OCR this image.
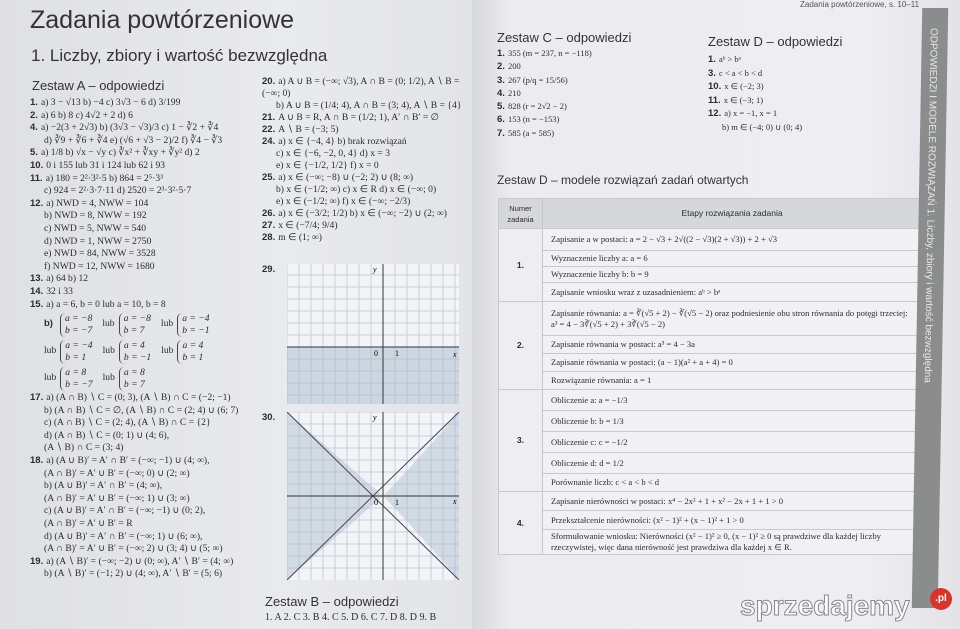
Zadania powtórzeniowe
1. Liczby, zbiory i wartość bezwzględna
Zestaw A – odpowiedzi
1. a) 3 − √13 b) −4 c) 3√3 − 6 d) 3/199
2. a) 6 b) 8 c) 4√2 + 2 d) 6
4. a) −2(3 + 2√3) b) (3√3 − √3)/3 c) 1 − ∛2 + ∛4
d) ∛9 + ∛6 + ∛4 e) (√6 + √3 − 2)/2 f) ∛4 − ∛3
5. a) 1/8 b) √x − √y c) ∛x² + ∛xy + ∛y² d) 2
10. 0 i 155 lub 31 i 124 lub 62 i 93
11. a) 180 = 2²·3²·5 b) 864 = 2⁵·3³
c) 924 = 2²·3·7·11 d) 2520 = 2³·3²·5·7
12. a) NWD = 4, NWW = 104
b) NWD = 8, NWW = 192
c) NWD = 5, NWW = 540
d) NWD = 1, NWW = 2750
e) NWD = 84, NWW = 3528
f) NWD = 12, NWW = 1680
13. a) 64 b) 12
14. 32 i 33
15. a) a = 6, b = 0 lub a = 10, b = 8
b)
a = −8
b = −7
lub
a = −8
b = 7
lub
a = −4
b = −1
lub
a = −4
b = 1
lub
a = 4
b = −1
lub
a = 4
b = 1
lub
a = 8
b = −7
lub
a = 8
b = 7
17. a) (A ∩ B) ∖ C = (0; 3), (A ∖ B) ∩ C = (−2; −1)
b) (A ∩ B) ∖ C = ∅, (A ∖ B) ∩ C = (2; 4) ∪ (6; 7)
c) (A ∩ B) ∖ C = (2; 4), (A ∖ B) ∩ C = {2}
d) (A ∩ B) ∖ C = (0; 1) ∪ (4; 6),
(A ∖ B) ∩ C = (3; 4)
18. a) (A ∪ B)′ = A′ ∩ B′ = (−∞; −1) ∪ (4; ∞),
(A ∩ B)′ = A′ ∪ B′ = (−∞; 0) ∪ (2; ∞)
b) (A ∪ B)′ = A′ ∩ B′ = (4; ∞),
(A ∩ B)′ = A′ ∪ B′ = (−∞; 1) ∪ (3; ∞)
c) (A ∪ B)′ = A′ ∩ B′ = (−∞; −1) ∪ (0; 2),
(A ∩ B)′ = A′ ∪ B′ = R
d) (A ∪ B)′ = A′ ∩ B′ = (−∞; 1) ∪ (6; ∞),
(A ∩ B)′ = A′ ∪ B′ = (−∞; 2) ∪ (3; 4) ∪ (5; ∞)
19. a) (A ∖ B)′ = (−∞; −2) ∪ (0; ∞), A′ ∖ B′ = (4; ∞)
b) (A ∖ B)′ = (−1; 2) ∪ (4; ∞), A′ ∖ B′ = (5; 6)
20. a) A ∪ B = (−∞; √3), A ∩ B = (0; 1/2), A ∖ B = (−∞; 0)
b) A ∪ B = (1/4; 4), A ∩ B = (3; 4), A ∖ B = {4}
21. A ∪ B = R, A ∩ B = (1/2; 1), A′ ∩ B′ = ∅
22. A ∖ B = (−3; 5)
24. a) x ∈ {−4, 4} b) brak rozwiązań
c) x ∈ {−6, −2, 0, 4} d) x = 3
e) x ∈ {−1/2, 1/2} f) x = 0
25. a) x ∈ (−∞; −8) ∪ (−2; 2) ∪ (8; ∞)
b) x ∈ (−1/2; ∞) c) x ∈ R d) x ∈ (−∞; 0)
e) x ∈ (−1/2; ∞) f) x ∈ (−∞; −2/3)
26. a) x ∈ (−3/2; 1/2) b) x ∈ (−∞; −2) ∪ (2; ∞)
27. x ∈ (−7/4; 9/4)
28. m ∈ (1; ∞)
29.
x
y
0 1
30.
x
y
0 1
Zestaw B – odpowiedzi
1. A 2. C 3. B 4. C 5. D 6. C 7. D 8. D 9. B
Zadania powtórzeniowe, s. 10–11
Zestaw C – odpowiedzi
1. 355 (m = 237, n = −118)
2. 200
3. 267 (p/q = 15/56)
4. 210
5. 828 (r = 2√2 − 2)
6. 153 (n = −153)
7. 585 (a = 585)
Zestaw D – odpowiedzi
1. aᵇ > bᵃ
3. c < a < b < d
10. x ∈ (−2; 3)
11. x ∈ (−3; 1)
12. a) x = −1, x = 1
b) m ∈ (−4; 0) ∪ (0; 4)
Zestaw D – modele rozwiązań zadań otwartych
Numer zadania	Etapy rozwiązania zadania
1.	Zapisanie a w postaci: a = 2 − √3 + 2√((2 − √3)(2 + √3)) + 2 + √3
	Wyznaczenie liczby a: a = 6
	Wyznaczenie liczby b: b = 9
	Zapisanie wniosku wraz z uzasadnieniem: aᵇ > bᵃ
2.	Zapisanie równania: a = ∛(√5 + 2) − ∛(√5 − 2) oraz podniesienie obu stron równania do potęgi trzeciej: a³ = 4 − 3∛(√5 + 2) + 3∛(√5 − 2)
	Zapisanie równania w postaci: a³ = 4 − 3a
	Zapisanie równania w postaci: (a − 1)(a² + a + 4) = 0
	Rozwiązanie równania: a = 1
3.	Obliczenie a: a = −1/3
	Obliczenie b: b = 1/3
	Obliczenie c: c = −1/2
	Obliczenie d: d = 1/2
	Porównanie liczb: c < a < b < d
4.	Zapisanie nierówności w postaci: x⁴ − 2x² + 1 + x² − 2x + 1 + 1 > 0
	Przekształcenie nierówności: (x² − 1)² + (x − 1)² + 1 > 0
	Sformułowanie wniosku: Nierówności (x² − 1)² ≥ 0, (x − 1)² ≥ 0 są prawdziwe dla każdej liczby rzeczywistej, więc dana nierówność jest prawdziwa dla każdej x ∈ R.
ODPOWIEDZI I MODELE ROZWIĄZAŃ 1. Liczby, zbiory i wartość bezwzględna
sprzedajemy	.pl
